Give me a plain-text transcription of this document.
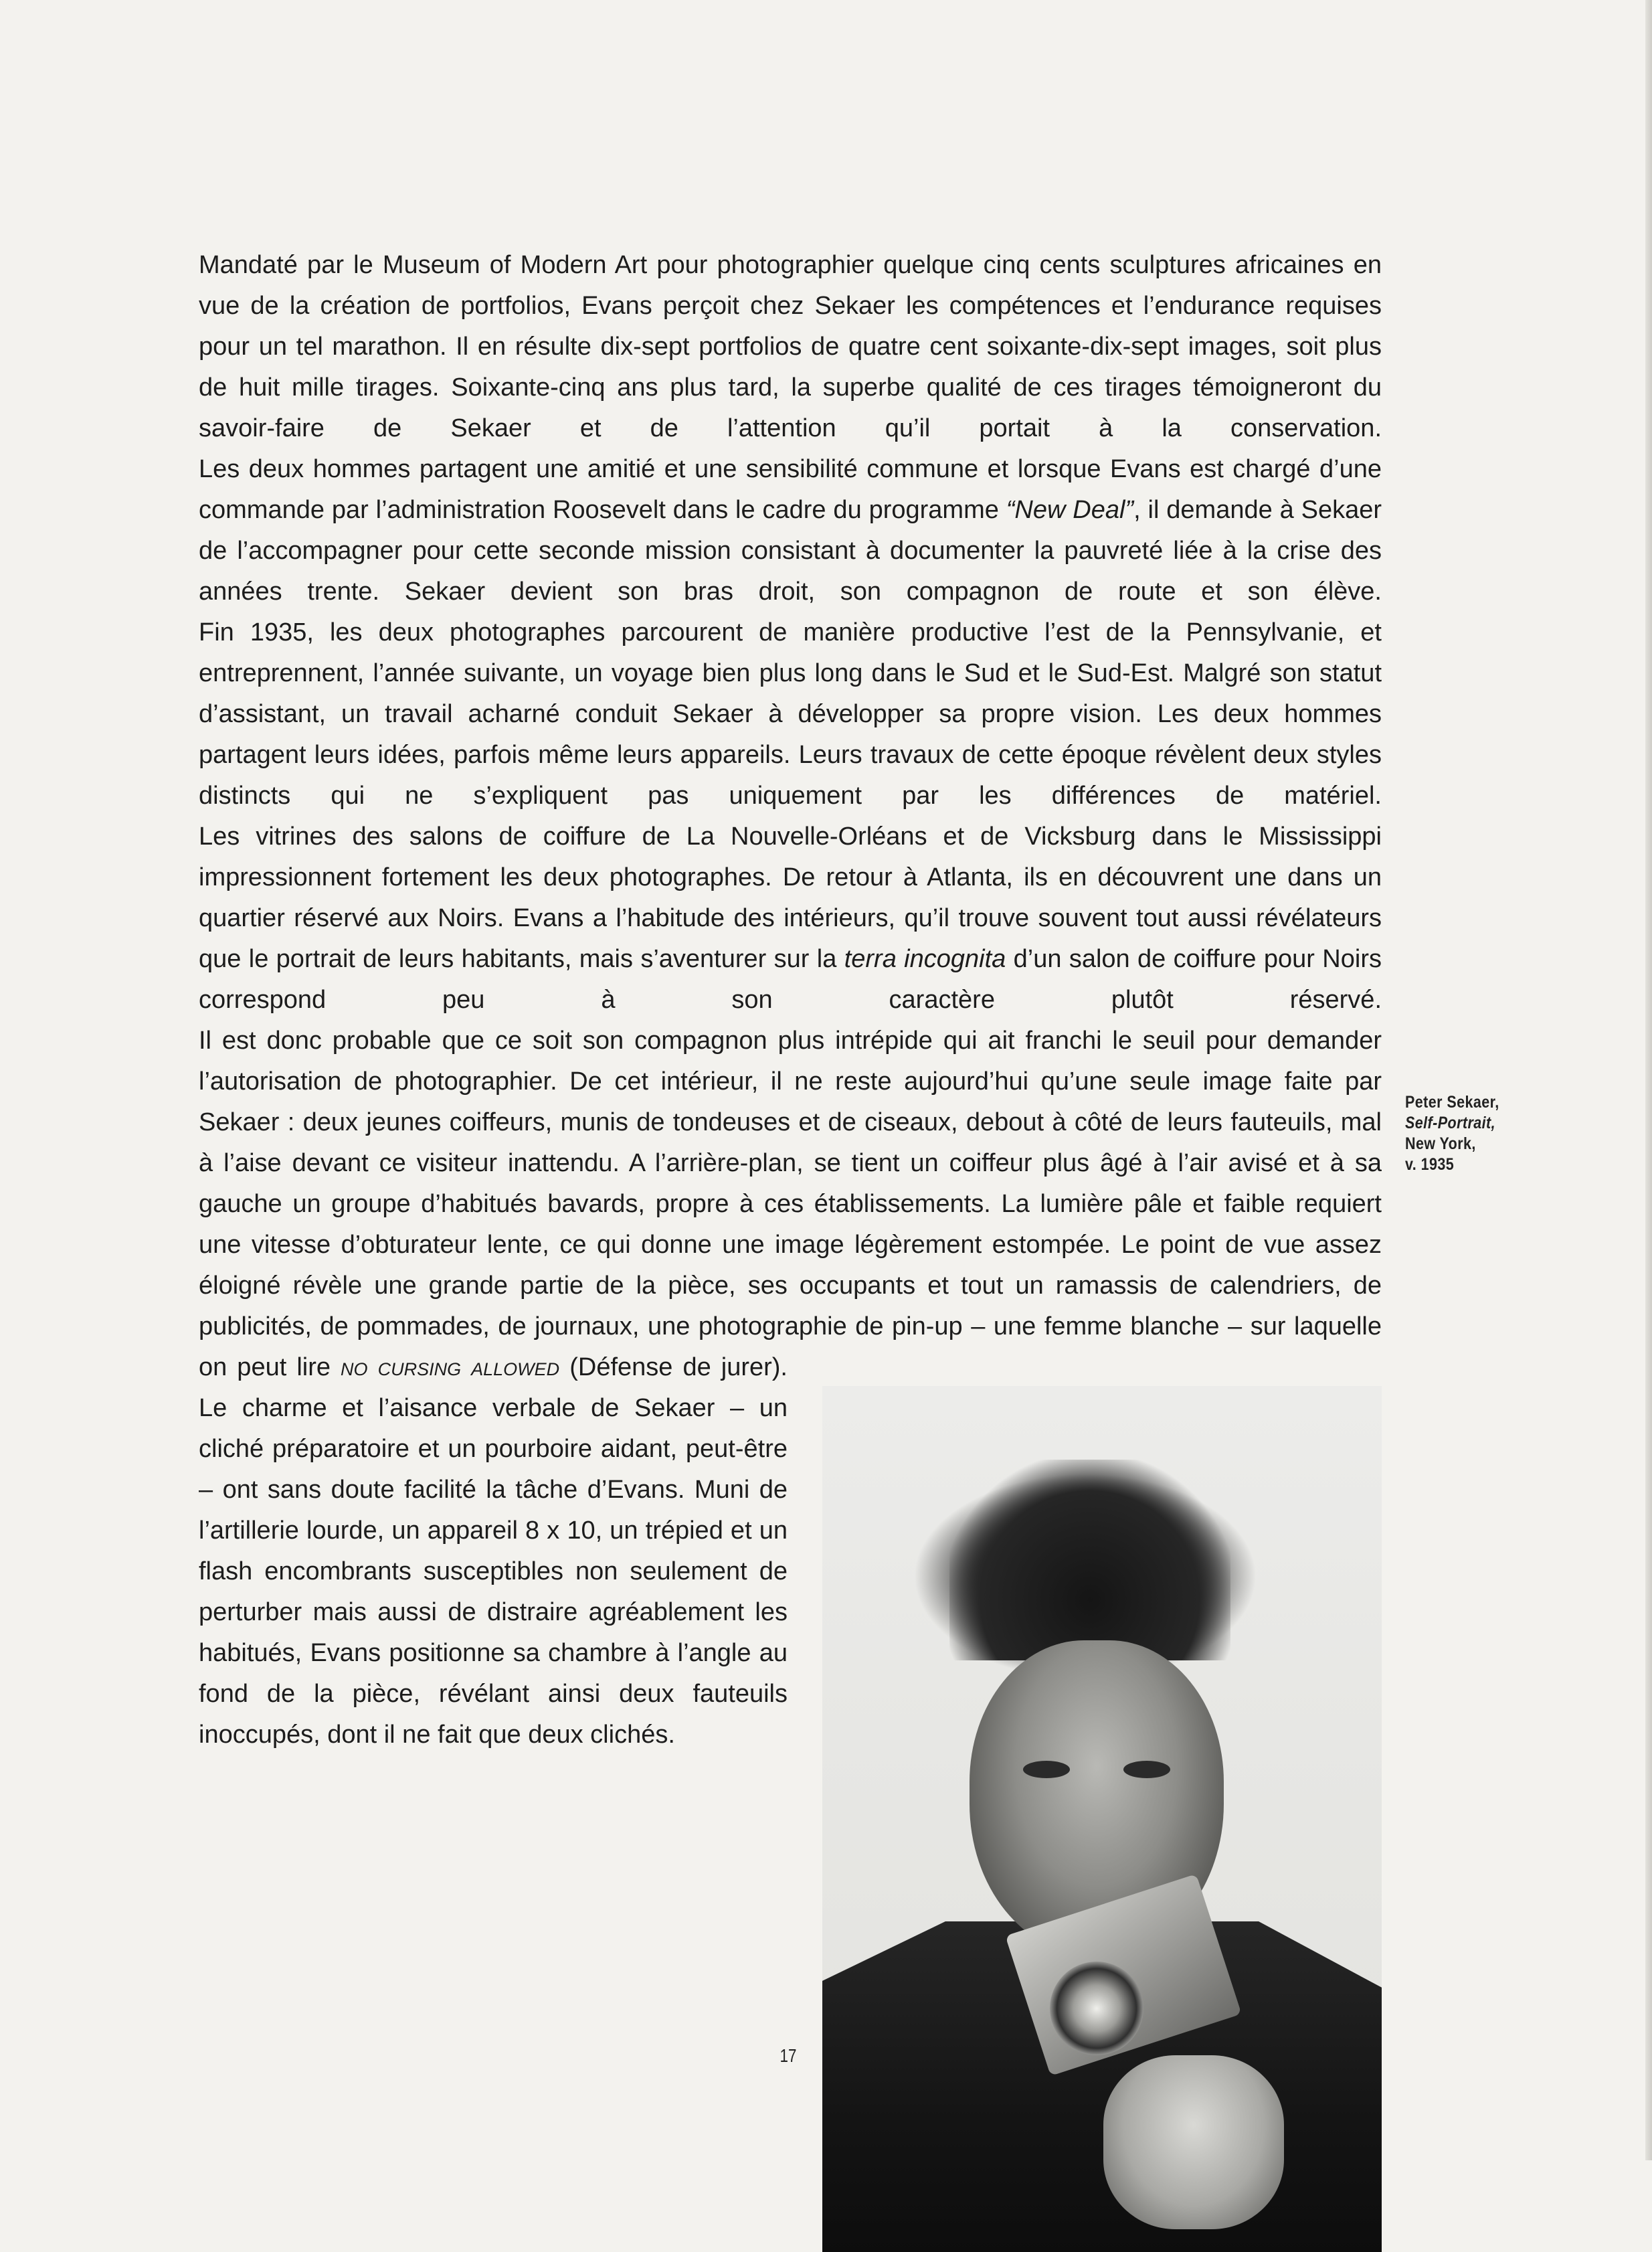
Mandaté par le Museum of Modern Art pour photographier quelque cinq cents sculptures africaines en vue de la création de portfolios, Evans perçoit chez Sekaer les compétences et l’endurance requises pour un tel marathon. Il en résulte dix-sept portfolios de quatre cent soixante-dix-sept images, soit plus de huit mille tirages. Soixante-cinq ans plus tard, la superbe qualité de ces tirages témoigneront du savoir-faire de Sekaer et de l’attention qu’il portait à la conservation.

Les deux hommes partagent une amitié et une sensibilité commune et lorsque Evans est chargé d’une commande par l’administration Roosevelt dans le cadre du programme “New Deal”, il demande à Sekaer de l’accompagner pour cette seconde mission consistant à documenter la pauvreté liée à la crise des années trente. Sekaer devient son bras droit, son compagnon de route et son élève.

Fin 1935, les deux photographes parcourent de manière productive l’est de la Pennsylvanie, et entreprennent, l’année suivante, un voyage bien plus long dans le Sud et le Sud-Est. Malgré son statut d’assistant, un travail acharné conduit Sekaer à développer sa propre vision. Les deux hommes partagent leurs idées, parfois même leurs appareils. Leurs travaux de cette époque révèlent deux styles distincts qui ne s’expliquent pas uniquement par les différences de matériel.

Les vitrines des salons de coiffure de La Nouvelle-Orléans et de Vicksburg dans le Mississippi impressionnent fortement les deux photographes. De retour à Atlanta, ils en découvrent une dans un quartier réservé aux Noirs. Evans a l’habitude des intérieurs, qu’il trouve souvent tout aussi révélateurs que le portrait de leurs habitants, mais s’aventurer sur la terra incognita d’un salon de coiffure pour Noirs correspond peu à son caractère plutôt réservé.

Il est donc probable que ce soit son compagnon plus intrépide qui ait franchi le seuil pour demander l’autorisation de photographier. De cet intérieur, il ne reste aujourd’hui qu’une seule image faite par Sekaer : deux jeunes coiffeurs, munis de tondeuses et de ciseaux, debout à côté de leurs fauteuils, mal à l’aise devant ce visiteur inattendu. A l’arrière-plan, se tient un coiffeur plus âgé à l’air avisé et à sa gauche un groupe d’habitués bavards, propre à ces établissements. La lumière pâle et faible requiert une vitesse d’obturateur lente, ce qui donne une image légèrement estompée. Le point de vue assez éloigné révèle une grande partie de la pièce, ses occupants et tout un ramassis de calendriers, de publicités, de pommades, de journaux, une photographie de pin-up – une femme blanche – sur laquelle on peut lire
no cursing allowed (Défense de jurer). Le charme et l’aisance verbale de Sekaer – un cliché préparatoire et un pourboire aidant, peut-être – ont sans doute facilité la tâche d’Evans. Muni de l’artillerie lourde, un appareil 8 x 10, un trépied et un flash encombrants susceptibles non seulement de perturber mais aussi de distraire agréablement les habitués, Evans positionne sa chambre à l’angle au fond de la pièce, révélant ainsi deux fauteuils inoccupés, dont il ne fait que deux clichés.

Peter Sekaer,
Self-Portrait,
New York,
v. 1935
17
